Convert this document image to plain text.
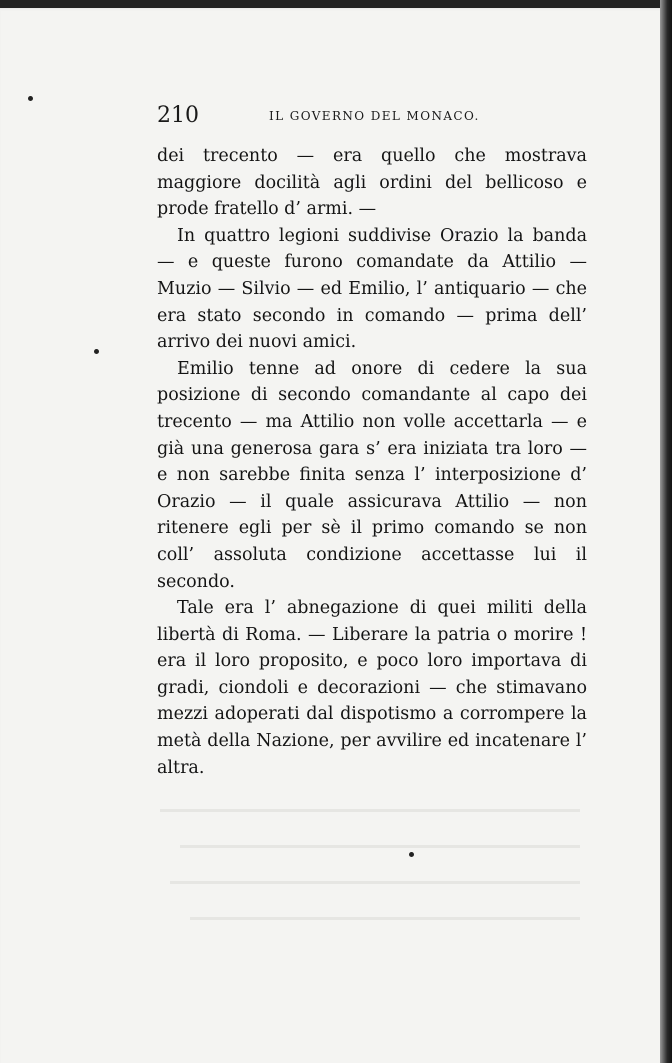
210	IL GOVERNO DEL MONACO.

dei trecento — era quello che mostrava maggiore docilità agli ordini del bellicoso e prode fratello d’ armi. —

In quattro legioni suddivise Orazio la banda — e queste furono comandate da Attilio — Muzio — Silvio — ed Emilio, l’ antiquario — che era stato secondo in comando — prima dell’ arrivo dei nuovi amici.

Emilio tenne ad onore di cedere la sua posizione di secondo comandante al capo dei trecento — ma Attilio non volle accettarla — e già una generosa gara s’ era iniziata tra loro — e non sarebbe finita senza l’ interposizione d’ Orazio — il quale assicurava Attilio — non ritenere egli per sè il primo comando se non coll’ assoluta condizione accettasse lui il secondo.

Tale era l’ abnegazione di quei militi della libertà di Roma. — Liberare la patria o morire ! era il loro proposito, e poco loro importava di gradi, ciondoli e decorazioni — che stimavano mezzi adoperati dal dispotismo a corrompere la metà della Nazione, per avvilire ed incatenare l’ altra.
